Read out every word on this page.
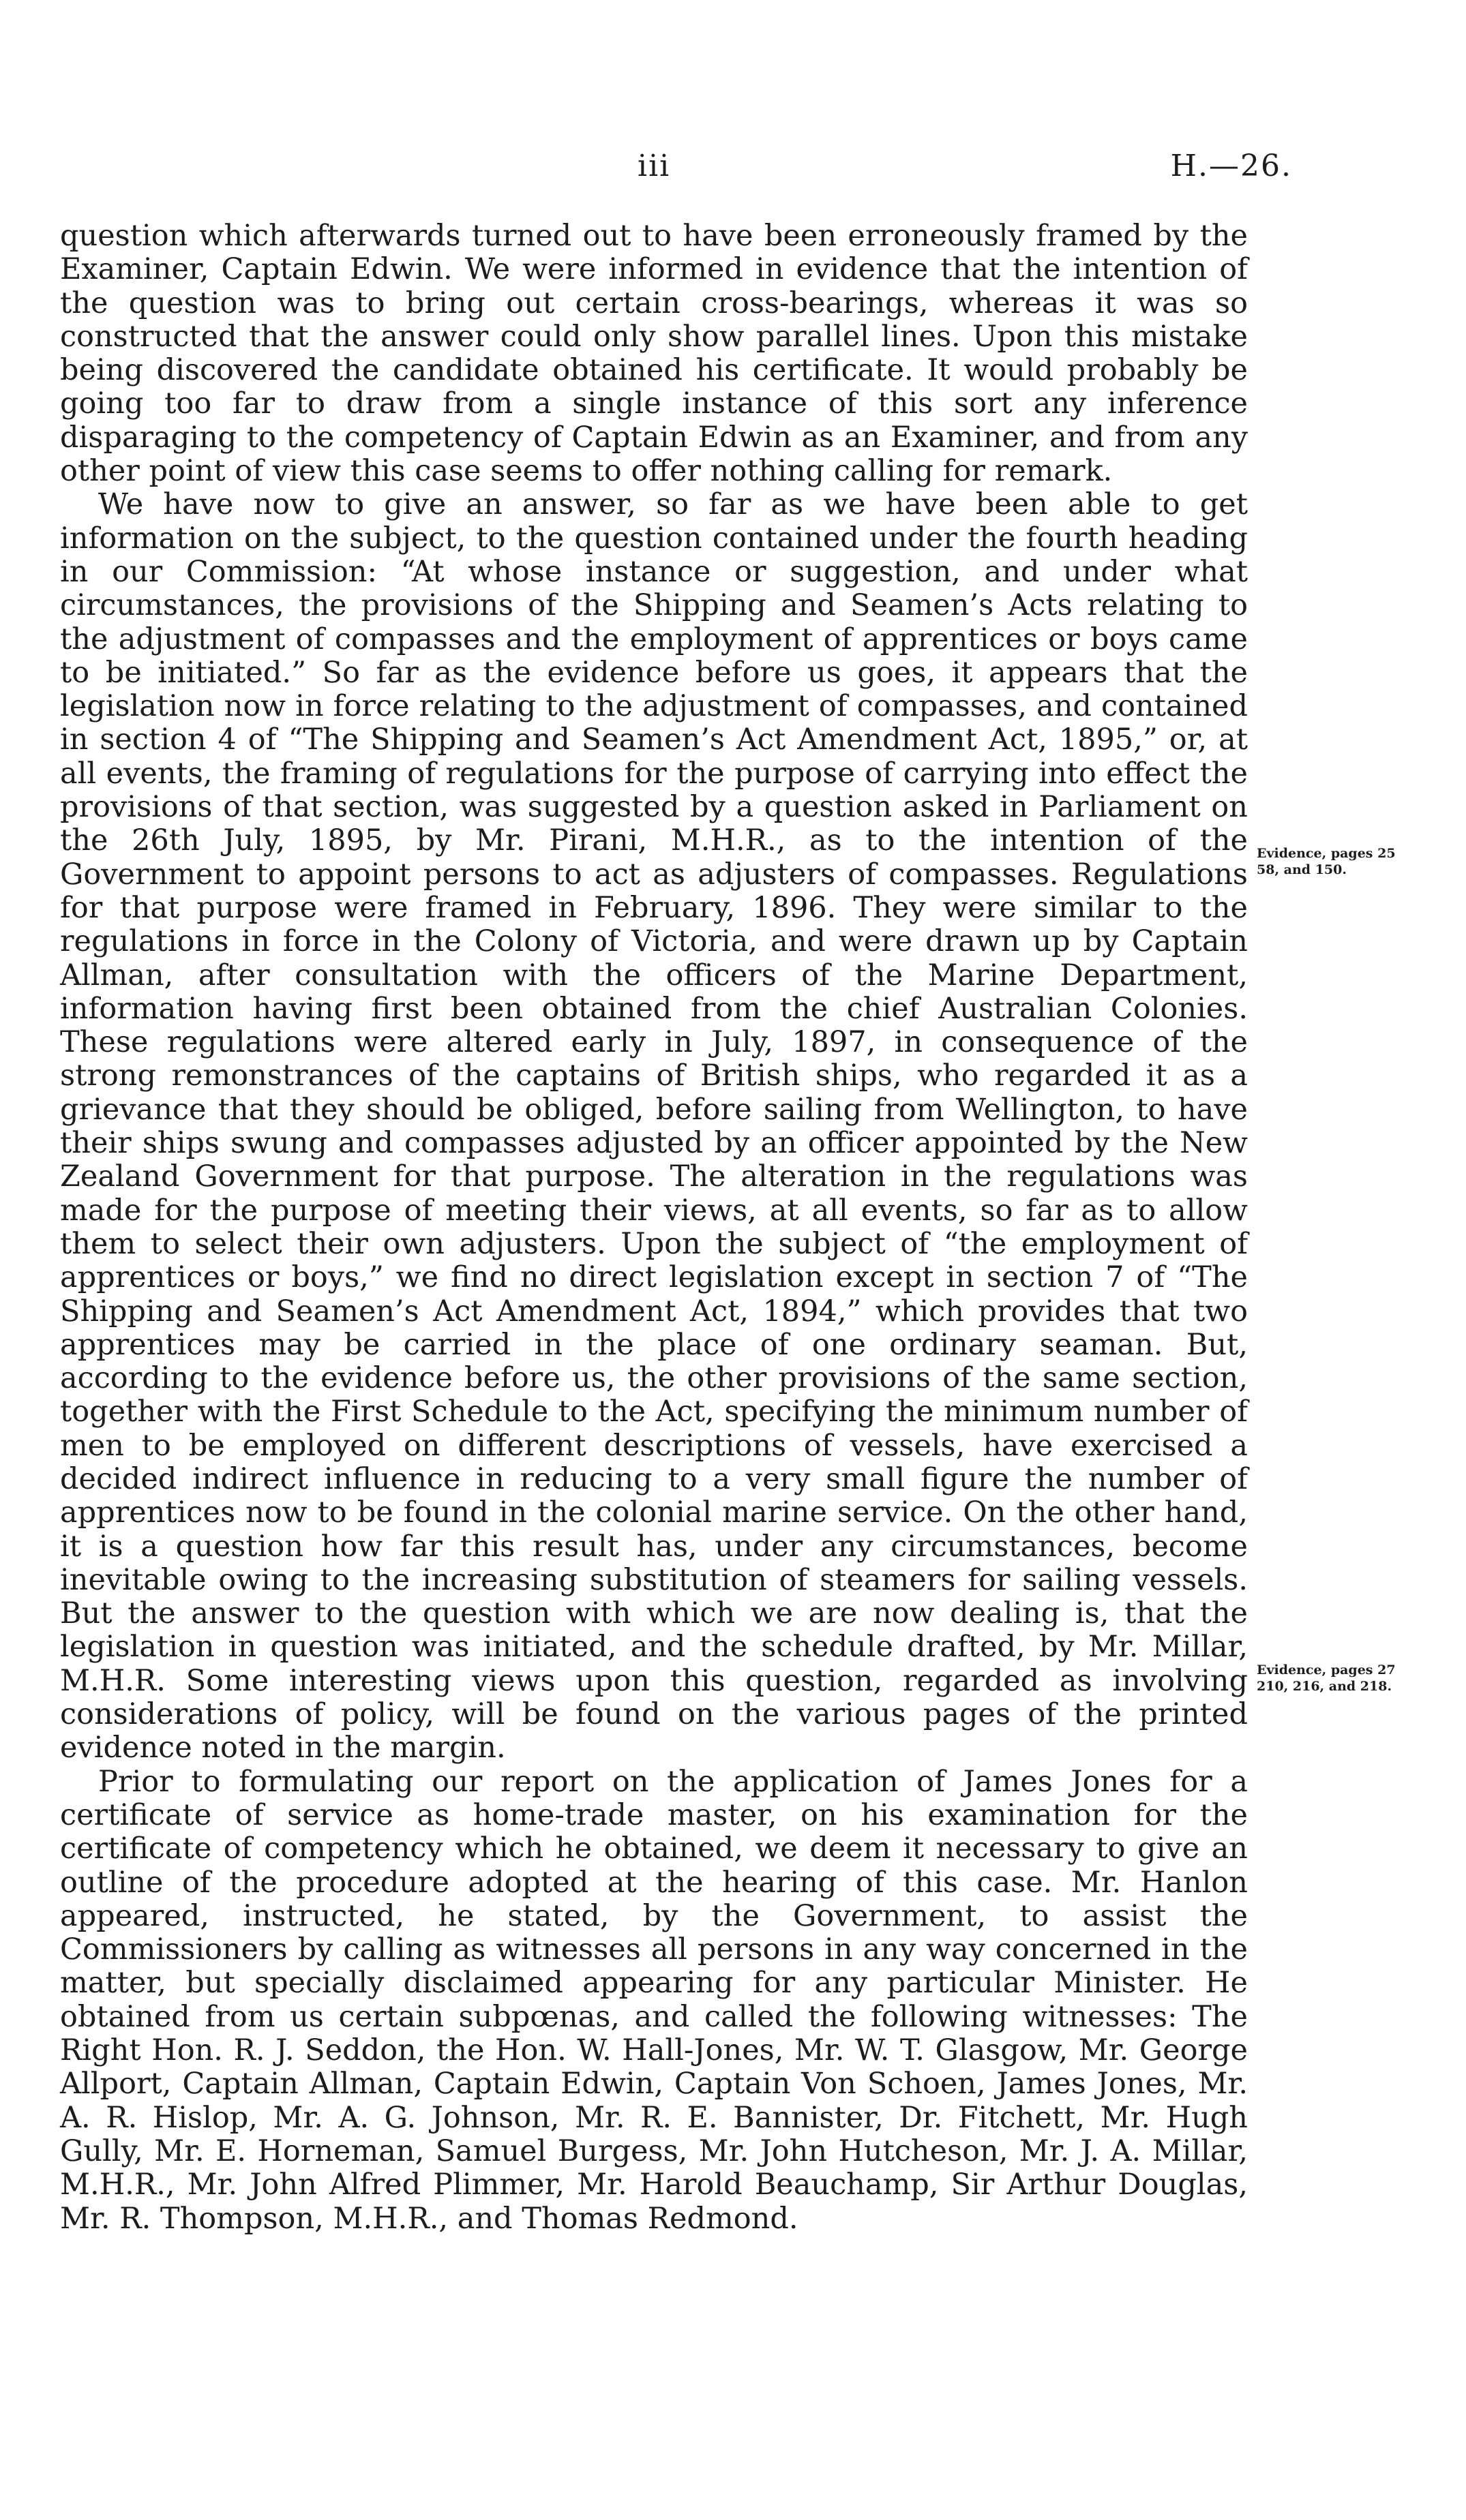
iii	H.—26.

question which afterwards turned out to have been erroneously framed by the Examiner, Captain Edwin. We were informed in evidence that the intention of the question was to bring out certain cross-bearings, whereas it was so constructed that the answer could only show parallel lines. Upon this mistake being discovered the candidate obtained his certificate. It would probably be going too far to draw from a single instance of this sort any inference disparaging to the competency of Captain Edwin as an Examiner, and from any other point of view this case seems to offer nothing calling for remark.

We have now to give an answer, so far as we have been able to get information on the subject, to the question contained under the fourth heading in our Commission: “At whose instance or suggestion, and under what circumstances, the provisions of the Shipping and Seamen’s Acts relating to the adjustment of compasses and the employment of apprentices or boys came to be initiated.” So far as the evidence before us goes, it appears that the legislation now in force relating to the adjustment of compasses, and contained in section 4 of “The Shipping and Seamen’s Act Amendment Act, 1895,” or, at all events, the framing of regulations for the purpose of carrying into effect the provisions of that section, was suggested by a question asked in Parliament on the 26th July, 1895, by Mr. Pirani, M.H.R., as to the intention of the Government to appoint persons to act as adjusters of compasses. Regulations for that purpose were framed in February, 1896. They were similar to the regulations in force in the Colony of Victoria, and were drawn up by Captain Allman, after consultation with the officers of the Marine Department, information having first been obtained from the chief Australian Colonies. These regulations were altered early in July, 1897, in consequence of the strong remonstrances of the captains of British ships, who regarded it as a grievance that they should be obliged, before sailing from Wellington, to have their ships swung and compasses adjusted by an officer appointed by the New Zealand Government for that purpose. The alteration in the regulations was made for the purpose of meeting their views, at all events, so far as to allow them to select their own adjusters. Upon the subject of “the employment of apprentices or boys,” we find no direct legislation except in section 7 of “The Shipping and Seamen’s Act Amendment Act, 1894,” which provides that two apprentices may be carried in the place of one ordinary seaman. But, according to the evidence before us, the other provisions of the same section, together with the First Schedule to the Act, specifying the minimum number of men to be employed on different descriptions of vessels, have exercised a decided indirect influence in reducing to a very small figure the number of apprentices now to be found in the colonial marine service. On the other hand, it is a question how far this result has, under any circumstances, become inevitable owing to the increasing substitution of steamers for sailing vessels. But the answer to the question with which we are now dealing is, that the legislation in question was initiated, and the schedule drafted, by Mr. Millar, M.H.R. Some interesting views upon this question, regarded as involving considerations of policy, will be found on the various pages of the printed evidence noted in the margin.

Prior to formulating our report on the application of James Jones for a certificate of service as home-trade master, on his examination for the certificate of competency which he obtained, we deem it necessary to give an outline of the procedure adopted at the hearing of this case. Mr. Hanlon appeared, instructed, he stated, by the Government, to assist the Commissioners by calling as witnesses all persons in any way concerned in the matter, but specially disclaimed appearing for any particular Minister. He obtained from us certain subpœnas, and called the following witnesses: The Right Hon. R. J. Seddon, the Hon. W. Hall-Jones, Mr. W. T. Glasgow, Mr. George Allport, Captain Allman, Captain Edwin, Captain Von Schoen, James Jones, Mr. A. R. Hislop, Mr. A. G. Johnson, Mr. R. E. Bannister, Dr. Fitchett, Mr. Hugh Gully, Mr. E. Horneman, Samuel Burgess, Mr. John Hutcheson, Mr. J. A. Millar, M.H.R., Mr. John Alfred Plimmer, Mr. Harold Beauchamp, Sir Arthur Douglas, Mr. R. Thompson, M.H.R., and Thomas Redmond.

Evidence, pages 25 58, and 150.
Evidence, pages 27 210, 216, and 218.
